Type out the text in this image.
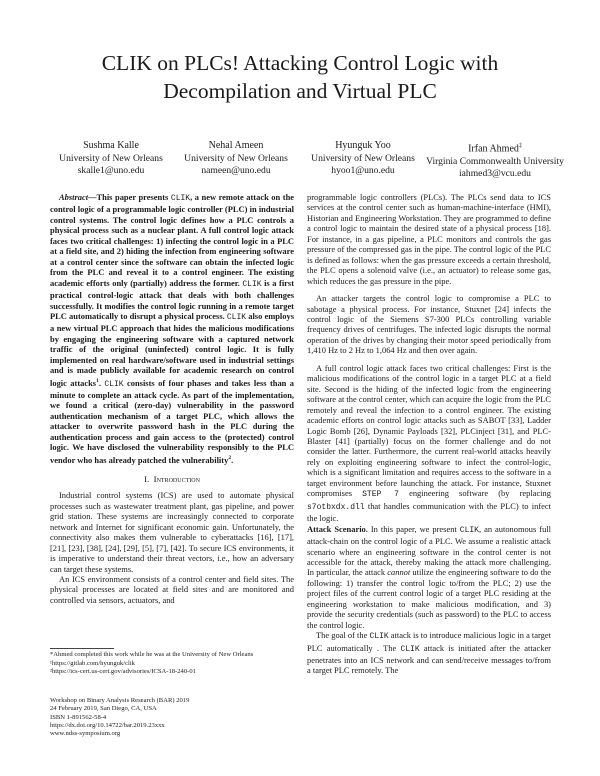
CLIK on PLCs! Attacking Control Logic with
Decompilation and Virtual PLC
Sushma Kalle
University of New Orleans
skalle1@uno.edu
Nehal Ameen
University of New Orleans
nameen@uno.edu
Hyunguk Yoo
University of New Orleans
hyoo1@uno.edu
Irfan Ahmed‡
Virginia Commonwealth University
iahmed3@vcu.edu

Abstract—This paper presents CLIK, a new remote attack on the control logic of a programmable logic controller (PLC) in industrial control systems. The control logic defines how a PLC controls a physical process such as a nuclear plant. A full control logic attack faces two critical challenges: 1) infecting the control logic in a PLC at a field site, and 2) hiding the infection from engineering software at a control center since the software can obtain the infected logic from the PLC and reveal it to a control engineer. The existing academic efforts only (partially) address the former. CLIK is a first practical control-logic attack that deals with both challenges successfully. It modifies the control logic running in a remote target PLC automatically to disrupt a physical process. CLIK also employs a new virtual PLC approach that hides the malicious modifications by engaging the engineering software with a captured network traffic of the original (uninfected) control logic. It is fully implemented on real hardware/software used in industrial settings and is made publicly available for academic research on control logic attacks$^1$. CLIK consists of four phases and takes less than a minute to complete an attack cycle. As part of the implementation, we found a critical (zero-day) vulnerability in the password authentication mechanism of a target PLC, which allows the attacker to overwrite password hash in the PLC during the authentication process and gain access to the (protected) control logic. We have disclosed the vulnerability responsibly to the PLC vendor who has already patched the vulnerability$^2$.

I. Introduction

Industrial control systems (ICS) are used to automate physical processes such as wastewater treatment plant, gas pipeline, and power grid station. These systems are increasingly connected to corporate network and Internet for significant economic gain. Unfortunately, the connectivity also makes them vulnerable to cyberattacks [16], [17], [21], [23], [38], [24], [29], [5], [7], [42]. To secure ICS environments, it is imperative to understand their threat vectors, i.e., how an adversary can target these systems.

An ICS environment consists of a control center and field sites. The physical processes are located at field sites and are monitored and controlled via sensors, actuators, and

programmable logic controllers (PLCs). The PLCs send data to ICS services at the control center such as human-machine-interface (HMI), Historian and Engineering Workstation. They are programmed to define a control logic to maintain the desired state of a physical process [18]. For instance, in a gas pipeline, a PLC monitors and controls the gas pressure of the compressed gas in the pipe. The control logic of the PLC is defined as follows: when the gas pressure exceeds a certain threshold, the PLC opens a solenoid valve (i.e., an actuator) to release some gas, which reduces the gas pressure in the pipe.

An attacker targets the control logic to compromise a PLC to sabotage a physical process. For instance, Stuxnet [24] infects the control logic of the Siemens S7-300 PLCs controlling variable frequency drives of centrifuges. The infected logic disrupts the normal operation of the drives by changing their motor speed periodically from 1,410 Hz to 2 Hz to 1,064 Hz and then over again.

A full control logic attack faces two critical challenges: First is the malicious modifications of the control logic in a target PLC at a field site. Second is the hiding of the infected logic from the engineering software at the control center, which can acquire the logic from the PLC remotely and reveal the infection to a control engineer. The existing academic efforts on control logic attacks such as SABOT [33], Ladder Logic Bomb [26], Dynamic Payloads [32], PLCinject [31], and PLC-Blaster [41] (partially) focus on the former challenge and do not consider the latter. Furthermore, the current real-world attacks heavily rely on exploiting engineering software to infect the control-logic, which is a significant limitation and requires access to the software in a target environment before launching the attack. For instance, Stuxnet compromises STEP 7 engineering software (by replacing s7otbxdx.dll that handles communication with the PLC) to infect the logic.

Attack Scenario. In this paper, we present CLIK, an autonomous full attack-chain on the control logic of a PLC. We assume a realistic attack scenario where an engineering software in the control center is not accessible for the attack, thereby making the attack more challenging. In particular, the attack cannot utilize the engineering software to do the following: 1) transfer the control logic to/from the PLC; 2) use the project files of the current control logic of a target PLC residing at the engineering workstation to make malicious modification, and 3) provide the security credentials (such as password) to the PLC to access the control logic.

The goal of the CLIK attack is to introduce malicious logic in a target PLC automatically . The CLIK attack is initiated after the attacker penetrates into an ICS network and can send/receive messages to/from a target PLC remotely. The

*Ahmed completed this work while he was at the University of New Orleans
¹https://gitlab.com/hyunguk/clik
²https://ics-cert.us-cert.gov/advisories/ICSA-18-240-01
Workshop on Binary Analysis Research (BAR) 2019
24 February 2019, San Diego, CA, USA
ISBN 1-891562-58-4
https://dx.doi.org/10.14722/bar.2019.23xxx
www.ndss-symposium.org
